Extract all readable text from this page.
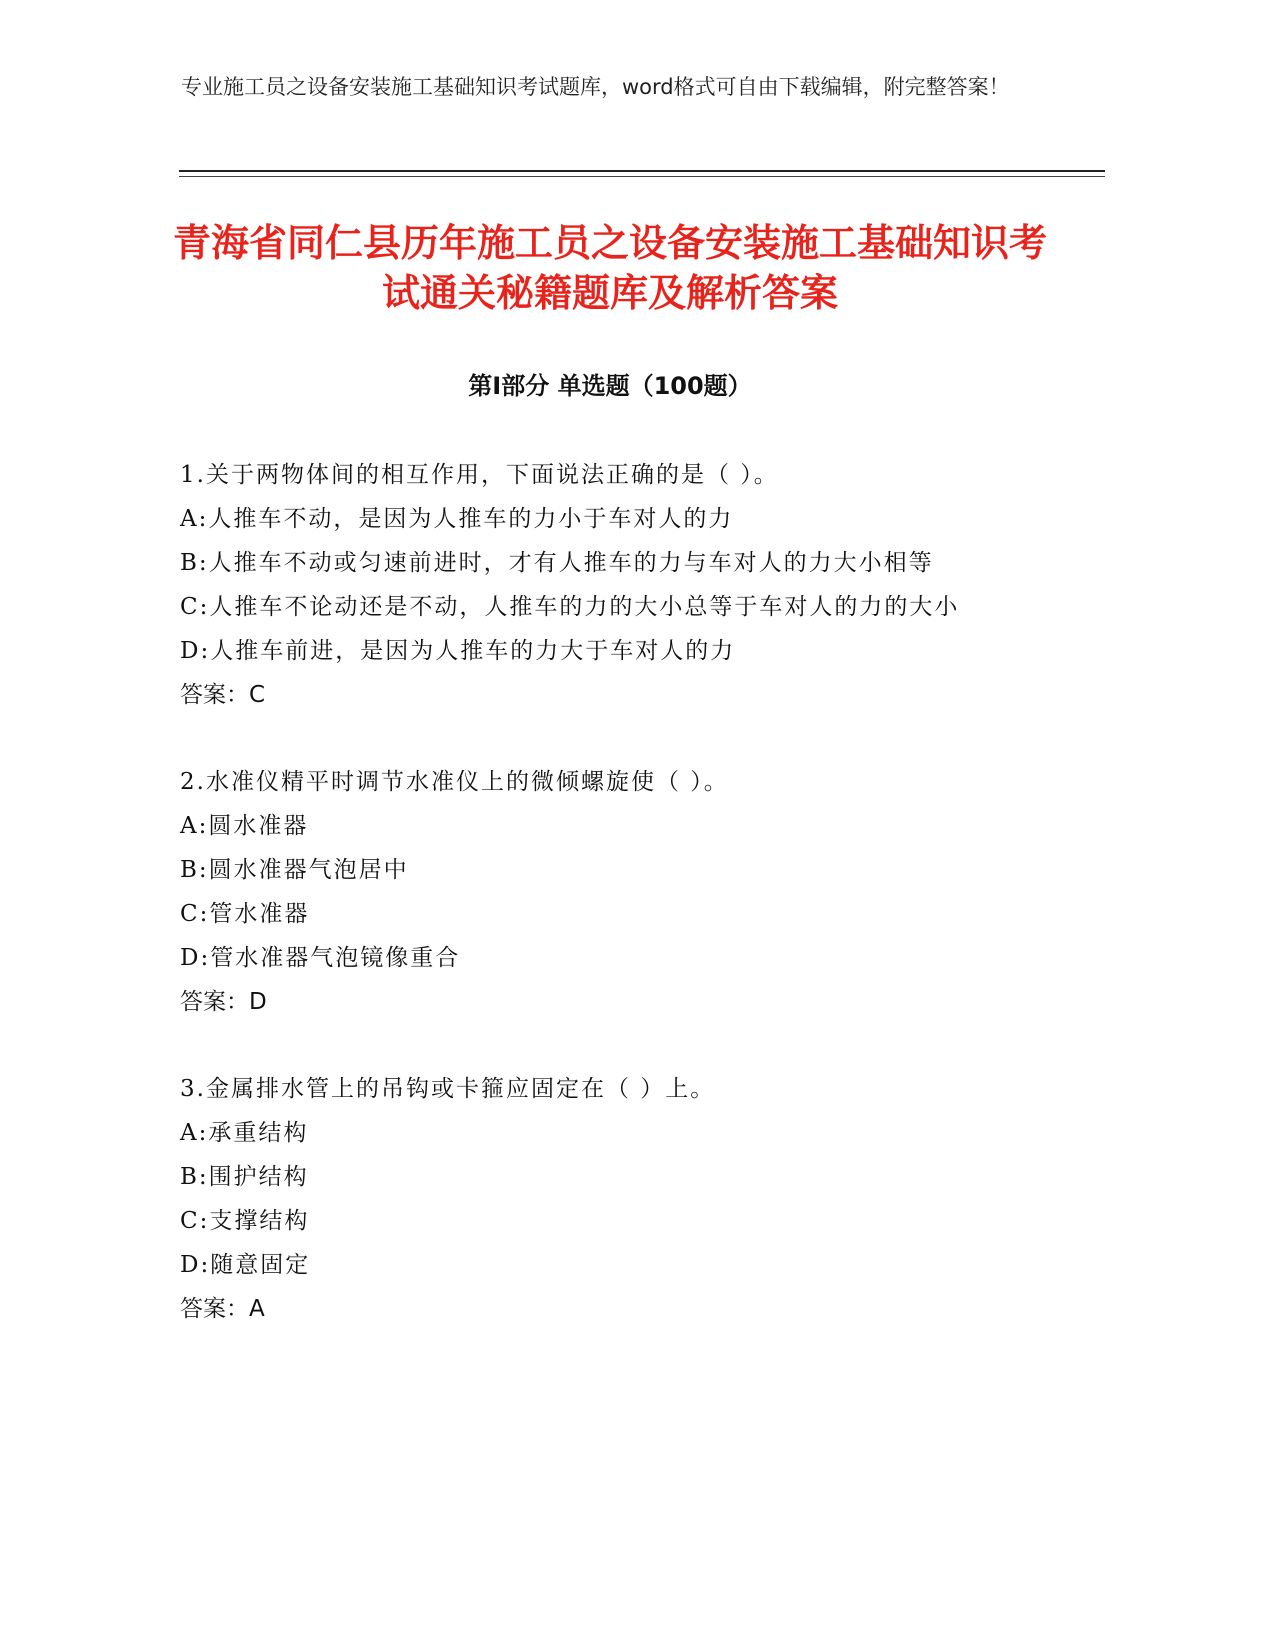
专业施工员之设备安装施工基础知识考试题库，word格式可自由下载编辑，附完整答案！
青海省同仁县历年施工员之设备安装施工基础知识考试通关秘籍题库及解析答案
第Ⅰ部分 单选题（100题）

1.关于两物体间的相互作用，下面说法正确的是（ ）。

A:人推车不动，是因为人推车的力小于车对人的力

B:人推车不动或匀速前进时，才有人推车的力与车对人的力大小相等

C:人推车不论动还是不动，人推车的力的大小总等于车对人的力的大小

D:人推车前进，是因为人推车的力大于车对人的力

答案：C

2.水准仪精平时调节水准仪上的微倾螺旋使（ ）。

A:圆水准器

B:圆水准器气泡居中

C:管水准器

D:管水准器气泡镜像重合

答案：D

3.金属排水管上的吊钩或卡箍应固定在（ ）上。

A:承重结构

B:围护结构

C:支撑结构

D:随意固定

答案：A
